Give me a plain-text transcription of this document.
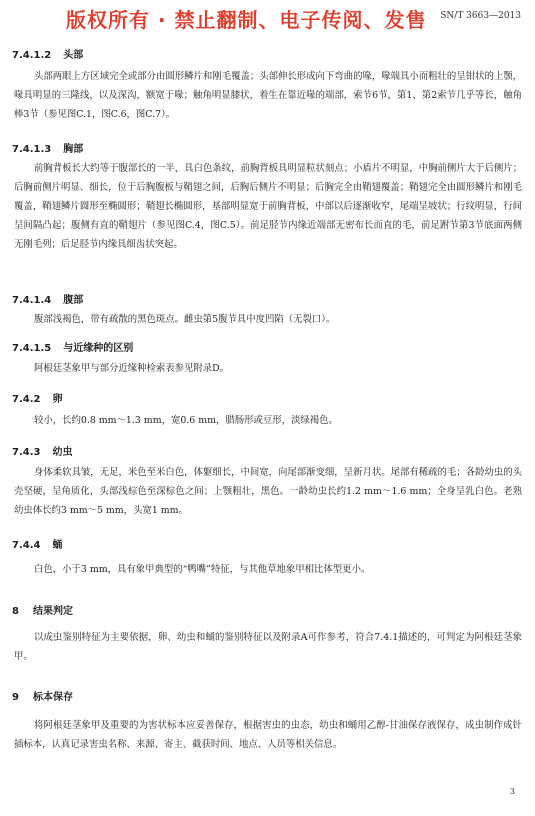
版权所有 · 禁止翻制、电子传阅、发售 SN/T 3663—2013
7.4.1.2 头部
头部两眼上方区域完全或部分由圆形鳞片和刚毛覆盖；头部伸长形成向下弯曲的喙，喙端具小而粗壮的呈钳状的上颚，喙具明显的三隆线，以及深沟，额宽于喙；触角明显膝状，着生在靠近喙的端部，索节6节，第1、第2索节几乎等长，触角棒3节（参见图C.1，图C.6，图C.7）。
7.4.1.3 胸部
前胸背板长大约等于腹部长的一半，具白色条纹，前胸背板具明显粒状刻点；小盾片不明显，中胸前侧片大于后侧片；后胸前侧片明显、细长，位于后胸腹板与鞘翅之间，后胸后侧片不明显；后胸完全由鞘翅覆盖；鞘翅完全由圆形鳞片和刚毛覆盖，鞘翅鳞片圆形至椭圆形；鞘翅长椭圆形，基部明显宽于前胸背板，中部以后逐渐收窄，尾端呈坡状；行纹明显，行间呈间隔凸起；腹侧有直的鞘翅片（参见图C.4，图C.5）。前足胫节内缘近端部无密布长而直的毛，前足跗节第3节底面两侧无刚毛列；后足胫节内缘具细齿状突起。
7.4.1.4 腹部
腹部浅褐色，带有疏散的黑色斑点。雌虫第5腹节具中度凹陷（无裂口）。
7.4.1.5 与近缘种的区别
阿根廷茎象甲与部分近缘种检索表参见附录D。
7.4.2 卵
较小，长约0.8 mm～1.3 mm，宽0.6 mm，腊肠形或豆形，淡绿褐色。
7.4.3 幼虫
身体柔软具皱，无足，米色至米白色，体躯细长，中间宽，向尾部渐变细，呈新月状。尾部有稀疏的毛；各龄幼虫的头壳坚硬，呈角质化，头部浅棕色至深棕色之间；上颚粗壮，黑色。一龄幼虫长约1.2 mm～1.6 mm；全身呈乳白色。老熟幼虫体长约3 mm～5 mm，头宽1 mm。
7.4.4 蛹
白色，小于3 mm，具有象甲典型的“鸭嘴”特征，与其他草地象甲相比体型更小。
8 结果判定
以成虫鉴别特征为主要依据，卵、幼虫和蛹的鉴别特征以及附录A可作参考，符合7.4.1描述的，可判定为阿根廷茎象甲。
9 标本保存
将阿根廷茎象甲及重要的为害状标本应妥善保存，根据害虫的虫态，幼虫和蛹用乙醇-甘油保存液保存，成虫制作成针插标本，认真记录害虫名称、来源、寄主、截获时间、地点、人员等相关信息。
3
